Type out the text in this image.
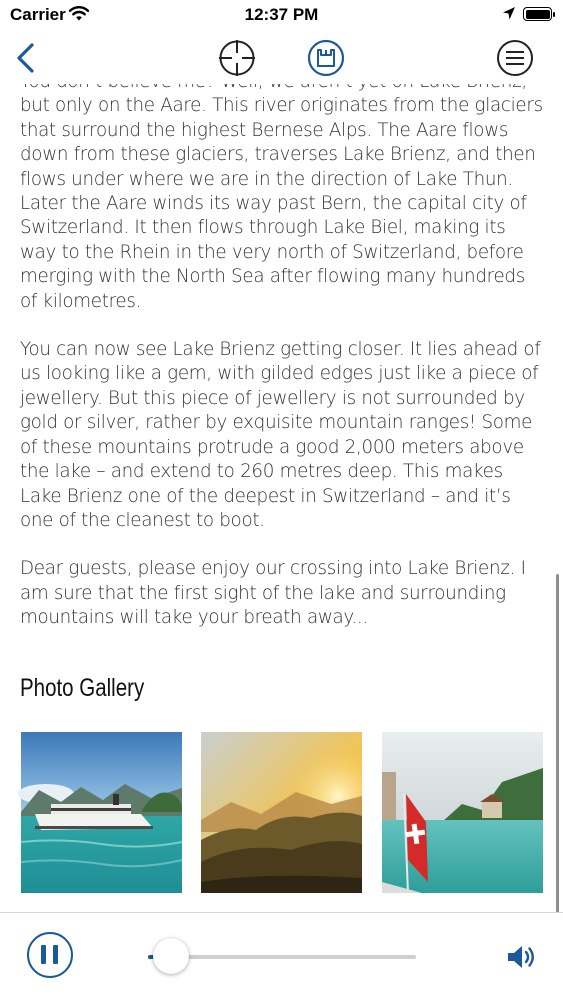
Carrier	12:37 PM

but only on the Aare. This river originates from the glaciers that surround the highest Bernese Alps. The Aare flows down from these glaciers, traverses Lake Brienz, and then flows under where we are in the direction of Lake Thun. Later the Aare winds its way past Bern, the capital city of Switzerland. It then flows through Lake Biel, making its way to the Rhein in the very north of Switzerland, before merging with the North Sea after flowing many hundreds of kilometres.

You can now see Lake Brienz getting closer. It lies ahead of us looking like a gem, with gilded edges just like a piece of jewellery. But this piece of jewellery is not surrounded by gold or silver, rather by exquisite mountain ranges! Some of these mountains protrude a good 2,000 meters above the lake – and extend to 260 metres deep. This makes Lake Brienz one of the deepest in Switzerland – and it’s one of the cleanest to boot.

Dear guests, please enjoy our crossing into Lake Brienz. I am sure that the first sight of the lake and surrounding mountains will take your breath away...

Photo Gallery
